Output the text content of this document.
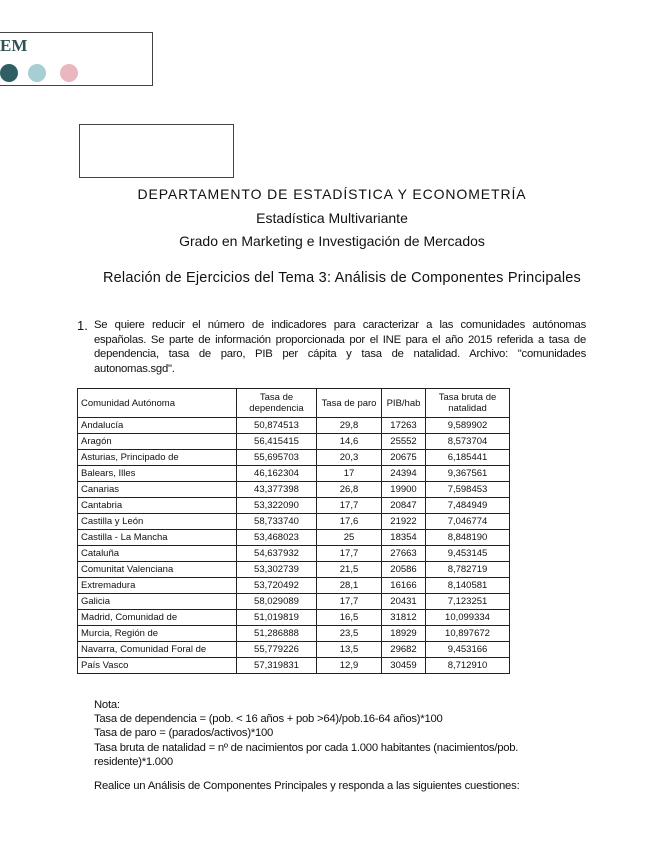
EM
DEPARTAMENTO DE ESTADÍSTICA Y ECONOMETRÍA
Estadística Multivariante
Grado en Marketing e Investigación de Mercados
Relación de Ejercicios del Tema 3: Análisis de Componentes Principales
1. Se quiere reducir el número de indicadores para caracterizar a las comunidades autónomas españolas. Se parte de información proporcionada por el INE para el año 2015 referida a tasa de dependencia, tasa de paro, PIB per cápita y tasa de natalidad. Archivo: "comunidades autonomas.sgd".
Comunidad Autónoma	Tasa de dependencia	Tasa de paro	PIB/hab	Tasa bruta de natalidad
Andalucía	50,874513	29,8	17263	9,589902
Aragón	56,415415	14,6	25552	8,573704
Asturias, Principado de	55,695703	20,3	20675	6,185441
Balears, Illes	46,162304	17	24394	9,367561
Canarias	43,377398	26,8	19900	7,598453
Cantabria	53,322090	17,7	20847	7,484949
Castilla y León	58,733740	17,6	21922	7,046774
Castilla - La Mancha	53,468023	25	18354	8,848190
Cataluña	54,637932	17,7	27663	9,453145
Comunitat Valenciana	53,302739	21,5	20586	8,782719
Extremadura	53,720492	28,1	16166	8,140581
Galicia	58,029089	17,7	20431	7,123251
Madrid, Comunidad de	51,019819	16,5	31812	10,099334
Murcia, Región de	51,286888	23,5	18929	10,897672
Navarra, Comunidad Foral de	55,779226	13,5	29682	9,453166
País Vasco	57,319831	12,9	30459	8,712910
Nota:
Tasa de dependencia = (pob. < 16 años + pob >64)/pob.16-64 años)*100
Tasa de paro = (parados/activos)*100
Tasa bruta de natalidad = nº de nacimientos por cada 1.000 habitantes (nacimientos/pob. residente)*1.000
Realice un Análisis de Componentes Principales y responda a las siguientes cuestiones:
